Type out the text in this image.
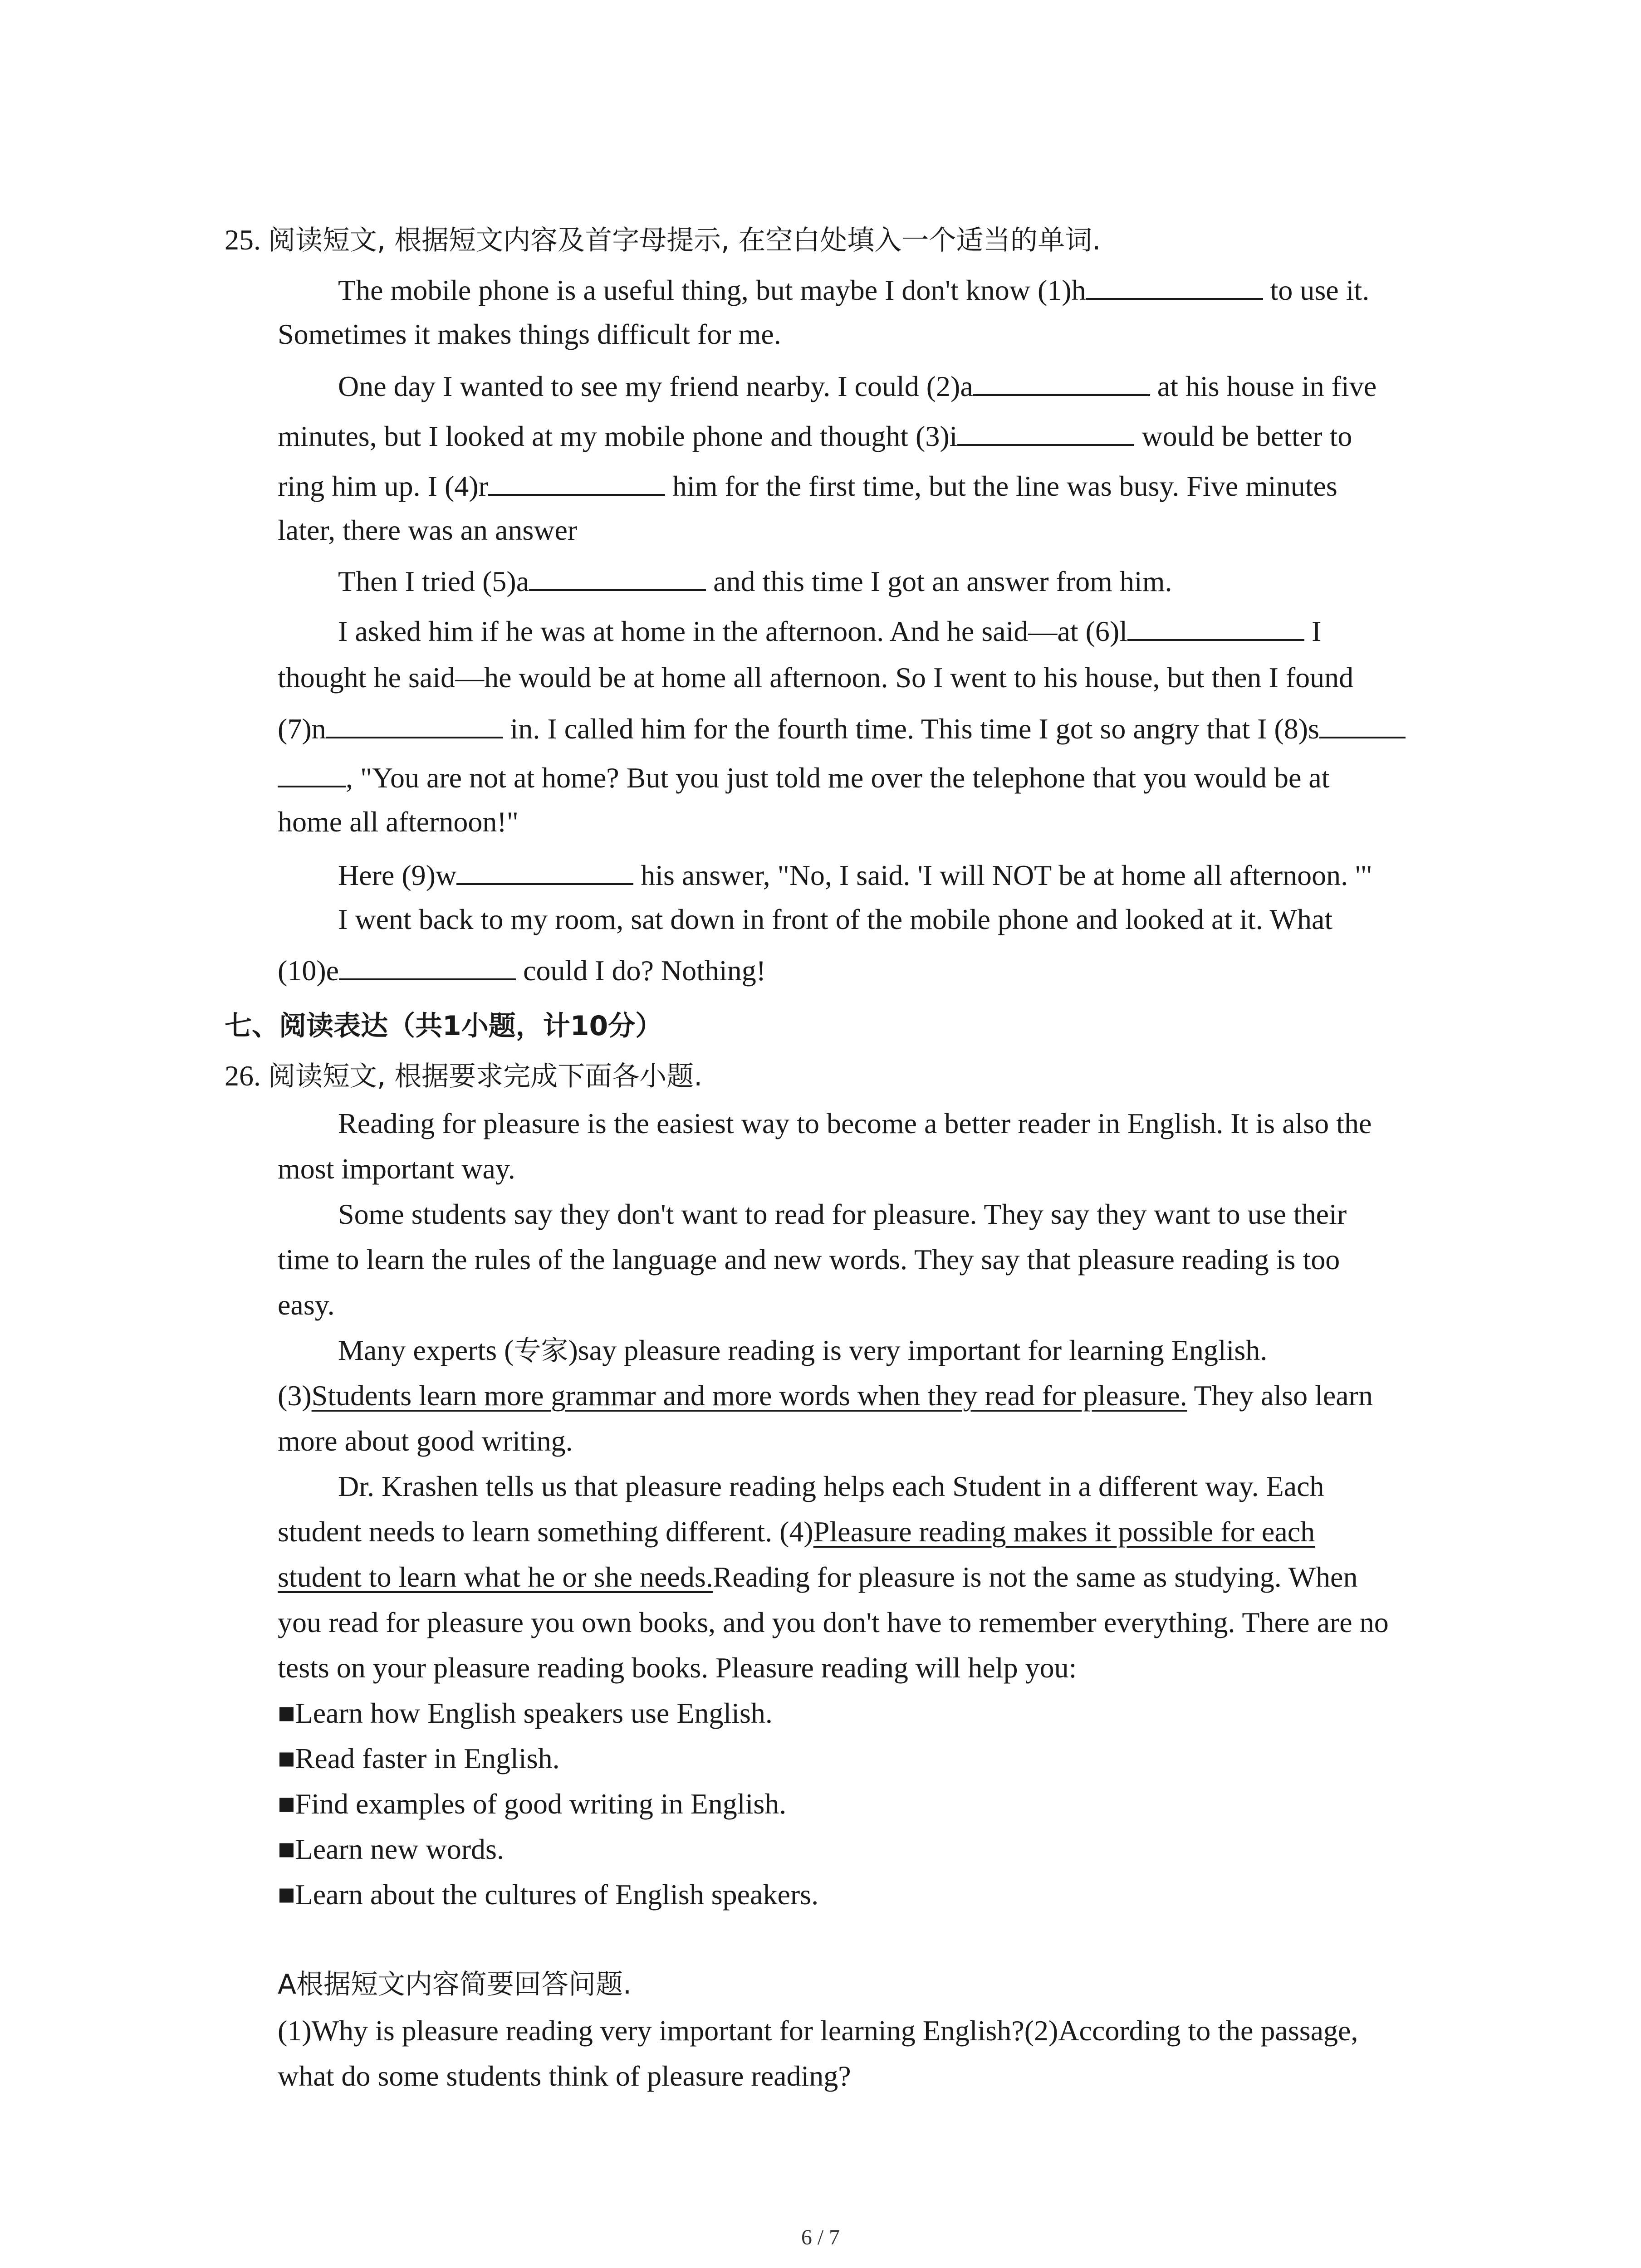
25. 阅读短文, 根据短文内容及首字母提示, 在空白处填入一个适当的单词.
The mobile phone is a useful thing, but maybe I don't know (1)h	to use it.
Sometimes it makes things difficult for me.
One day I wanted to see my friend nearby. I could (2)a	at his house in five
minutes, but I looked at my mobile phone and thought (3)i	would be better to
ring him up. I (4)r	him for the first time, but the line was busy. Five minutes
later, there was an answer
Then I tried (5)a	and this time I got an answer from him.
I asked him if he was at home in the afternoon. And he said—at (6)l	I
thought he said—he would be at home all afternoon. So I went to his house, but then I found
(7)n	in. I called him for the fourth time. This time I got so angry that I (8)s
, "You are not at home? But you just told me over the telephone that you would be at
home all afternoon!"
Here (9)w	his answer, "No, I said. 'I will NOT be at home all afternoon. '"
I went back to my room, sat down in front of the mobile phone and looked at it. What
(10)e	could I do? Nothing!
七、阅读表达（共1小题，计10分）
26. 阅读短文, 根据要求完成下面各小题.
Reading for pleasure is the easiest way to become a better reader in English. It is also the
most important way.
Some students say they don't want to read for pleasure. They say they want to use their
time to learn the rules of the language and new words. They say that pleasure reading is too
easy.
Many experts (专家)say pleasure reading is very important for learning English.
(3)Students learn more grammar and more words when they read for pleasure. They also learn
more about good writing.
Dr. Krashen tells us that pleasure reading helps each Student in a different way. Each
student needs to learn something different. (4)Pleasure reading makes it possible for each
student to learn what he or she needs.Reading for pleasure is not the same as studying. When
you read for pleasure you own books, and you don't have to remember everything. There are no
tests on your pleasure reading books. Pleasure reading will help you:
■Learn how English speakers use English.
■Read faster in English.
■Find examples of good writing in English.
■Learn new words.
■Learn about the cultures of English speakers.
A根据短文内容简要回答问题.
(1)Why is pleasure reading very important for learning English?(2)According to the passage,
what do some students think of pleasure reading?
6 / 7
